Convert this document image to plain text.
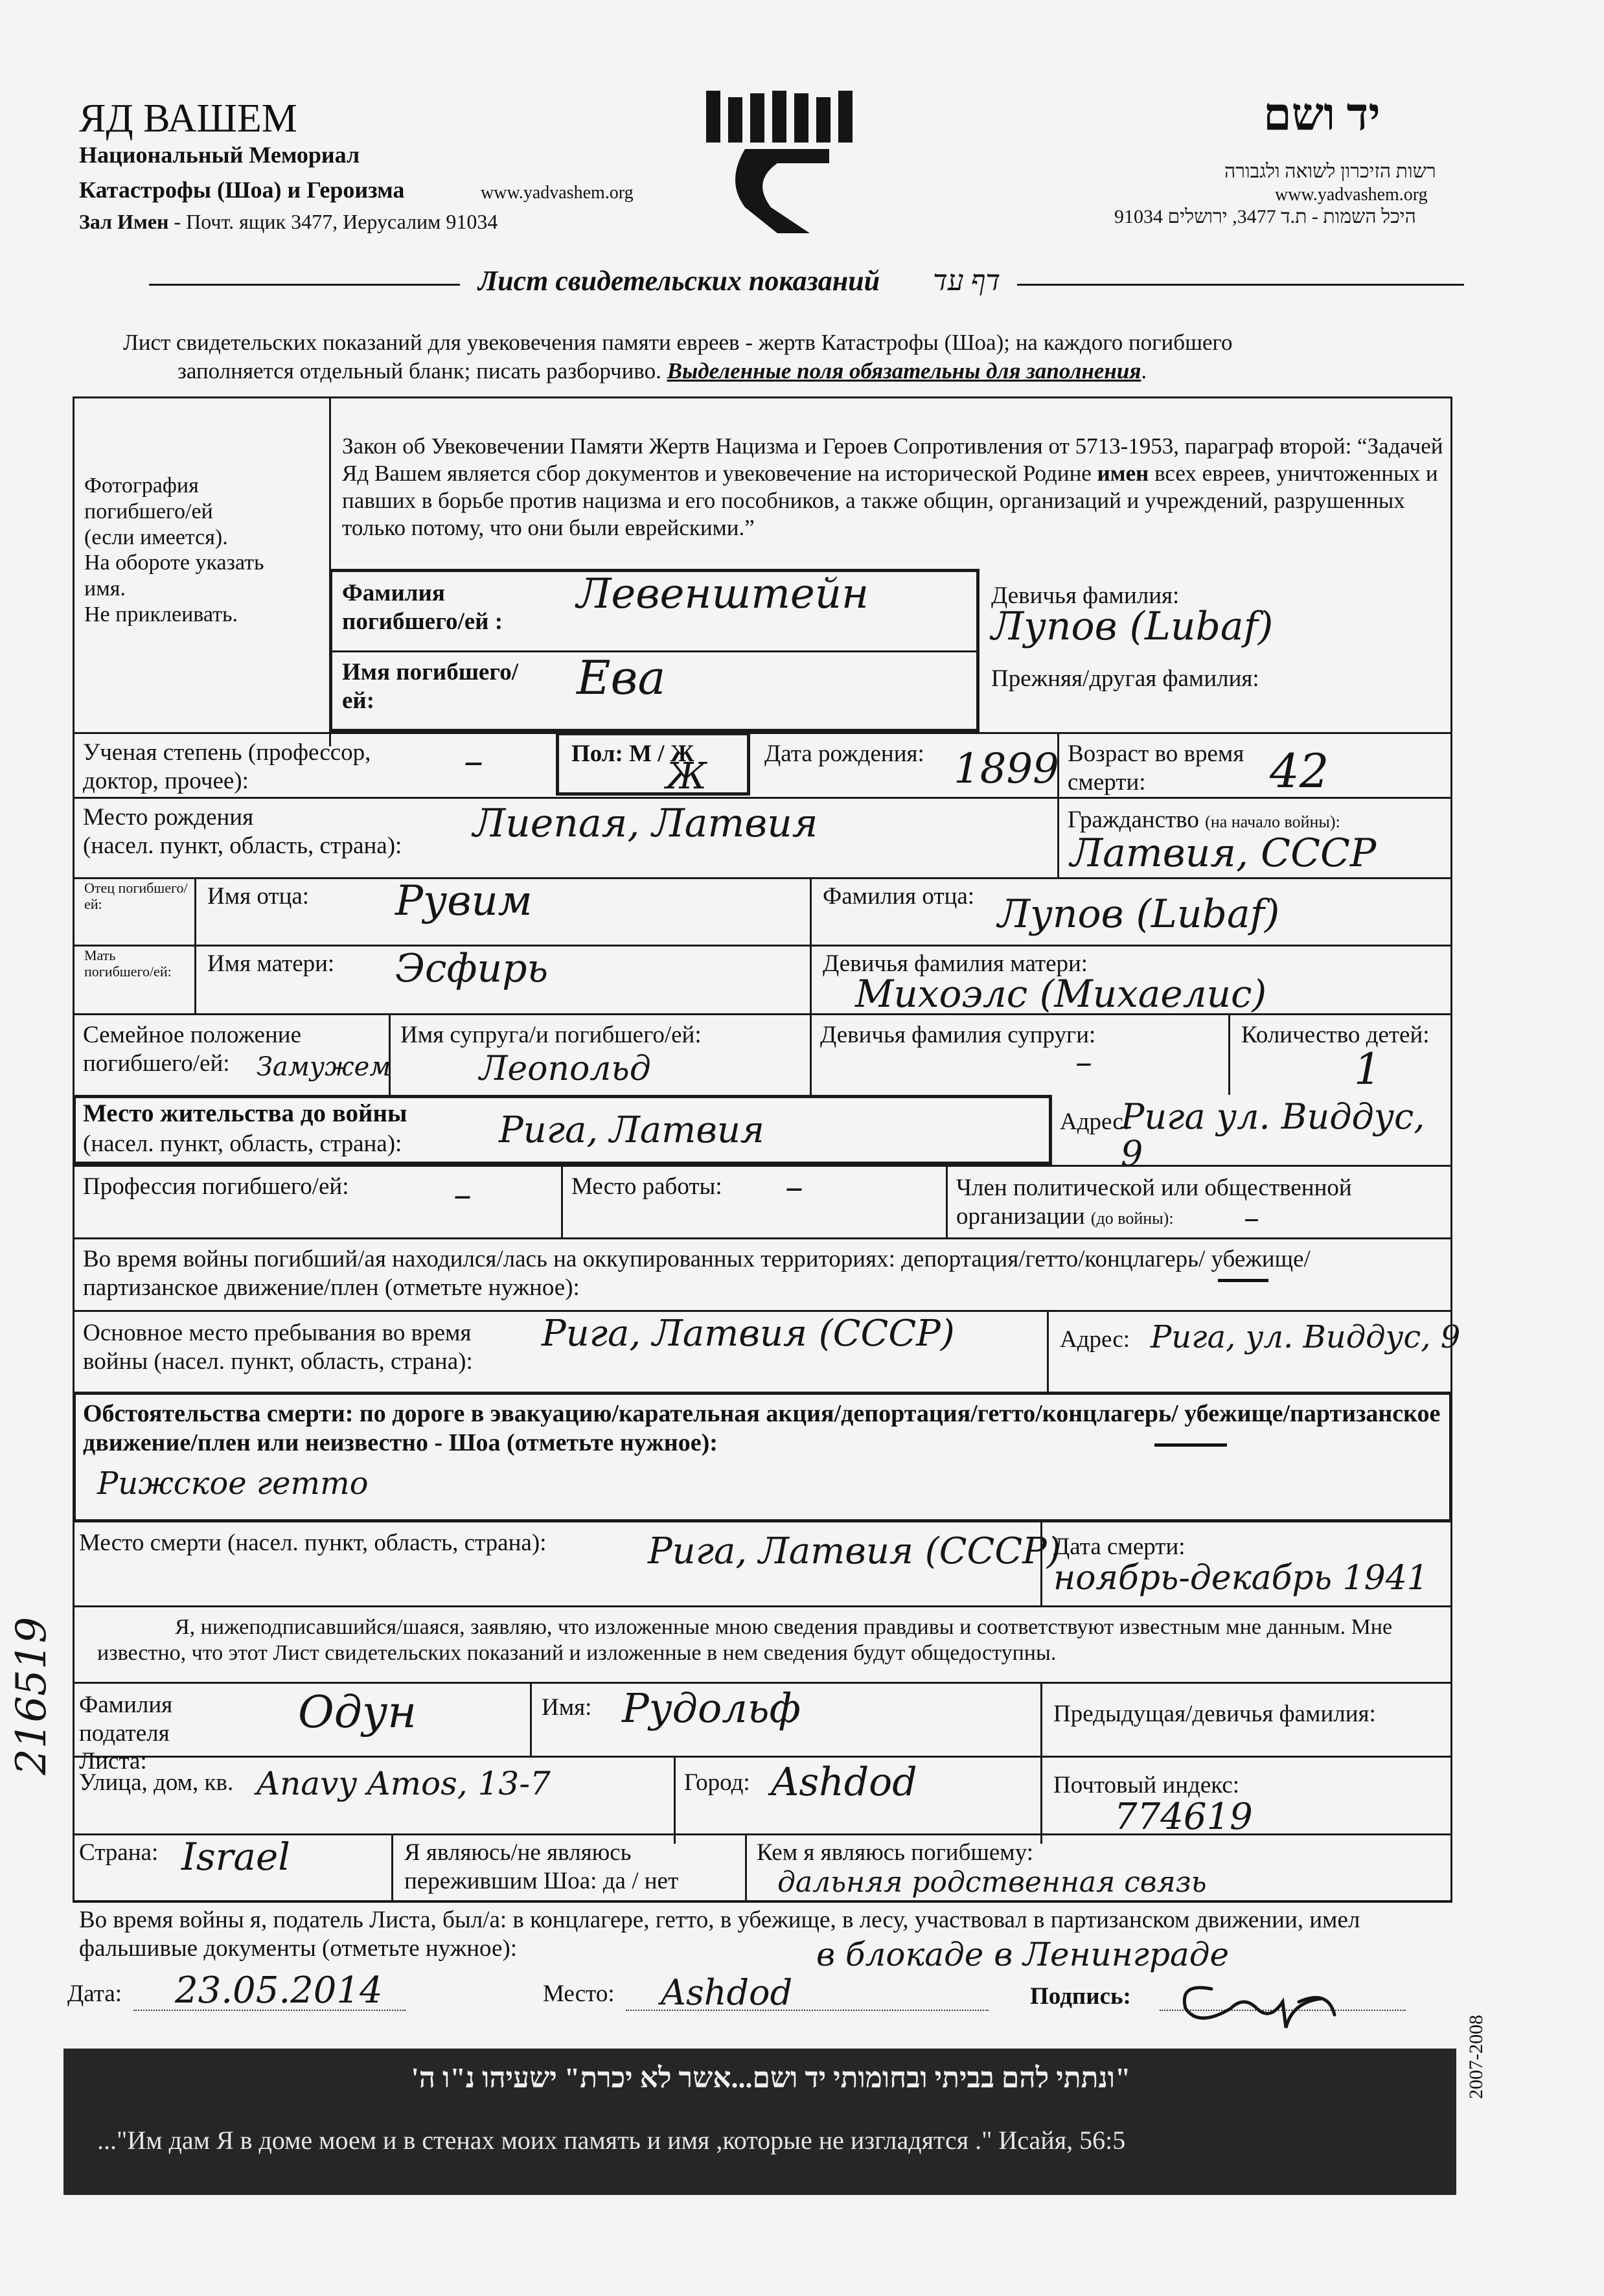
ЯД ВАШЕМ
Национальный Мемориал
Катастрофы (Шоа) и Героизма	www.yadvashem.org
Зал Имен - Почт. ящик 3477, Иерусалим 91034
יד ושם
רשות הזיכרון לשואה ולגבורה
www.yadvashem.org
היכל השמות - ת.ד 3477, ירושלים 91034
Лист свидетельских показаний דף עד
Лист свидетельских показаний для увековечения памяти евреев - жертв Катастрофы (Шоа); на каждого погибшего
заполняется отдельный бланк; писать разборчиво. Выделенные поля обязательны для заполнения.
Фотография
погибшего/ей
(если имеется).
На обороте указать
имя.
Не приклеивать.
Закон об Увековечении Памяти Жертв Нацизма и Героев Сопротивления от 5713-1953, параграф второй: “Задачей Яд Вашем является сбор документов и увековечение на исторической Родине имен всех евреев, уничтоженных и павших в борьбе против нацизма и его пособников, а также общин, организаций и учреждений, разрушенных только потому, что они были еврейскими.”
Фамилия погибшего/ей :
Левенштейн
Имя погибшего/ей:	Ева
Девичья фамилия:
Лупов (Lubaf)
Прежняя/другая фамилия:
Ученая степень (профессор, доктор, прочее):	–	Пол: М / Ж
Ж
Дата рождения: 1899 Возраст во время смерти:	42
Место рождения
(насел. пункт, область, страна): Лиепая, Латвия	Гражданство (на начало войны):
Латвия, СССР
Отец погибшего/ей:	Имя отца: Рувим	Фамилия отца: Лупов (Lubaf)
Мать погибшего/ей:	Имя матери: Эсфирь	Девичья фамилия матери:
Михоэлс (Михаелис)
Семейное положение погибшего/ей:	Замужем
Имя супруга/и погибшего/ей:
Леопольд
Девичья фамилия супруги:
–
Количество детей:
1
Место жительства до войны
(насел. пункт, область, страна):	Рига, Латвия	Адрес:
Рига ул. Виддус, 9
Профессия погибшего/ей:	–	Место работы: –	Член политической или общественной организации (до войны):	–
Во время войны погибший/ая находился/лась на оккупированных территориях: депортация/гетто/концлагерь/ убежище/партизанское движение/плен (отметьте нужное):
Основное место пребывания во время войны (насел. пункт, область, страна):
Рига, Латвия (СССР)	Адрес: Рига, ул. Виддус, 9
Обстоятельства смерти: по дороге в эвакуацию/карательная акция/депортация/гетто/концлагерь/ убежище/партизанское движение/плен или неизвестно - Шоа (отметьте нужное):
Рижское гетто
Место смерти (насел. пункт, область, страна):	Рига, Латвия (СССР)
Дата смерти:
ноябрь-декабрь 1941
Я, нижеподписавшийся/шаяся, заявляю, что изложенные мною сведения правдивы и соответствуют известным мне данным. Мне известно, что этот Лист свидетельских показаний и изложенные в нем сведения будут общедоступны.
Фамилия подателя Листа:
Одун	Имя: Рудольф	Предыдущая/девичья фамилия:
Улица, дом, кв. Anavy Amos, 13-7	Город: Ashdod	Почтовый индекс:
774619
Страна: Israel	Я являюсь/не являюсь пережившим Шоа: да / нет
Кем я являюсь погибшему:
дальняя родственная связь
Во время войны я, податель Листа, был/а: в концлагере, гетто, в убежище, в лесу, участвовал в партизанском движении, имел фальшивые документы (отметьте нужное):	в блокаде в Ленинграде
Дата: 23.05.2014	Место: Ashdod	Подпись:
"ונתתי להם בביתי ובחומותי יד ושם...אשר לא יכרת" ישעיהו נ"ו ה'
..."Им дам Я в доме моем и в стенах моих память и имя ,которые не изгладятся ." Исайя, 56:5
2007-2008
216519
